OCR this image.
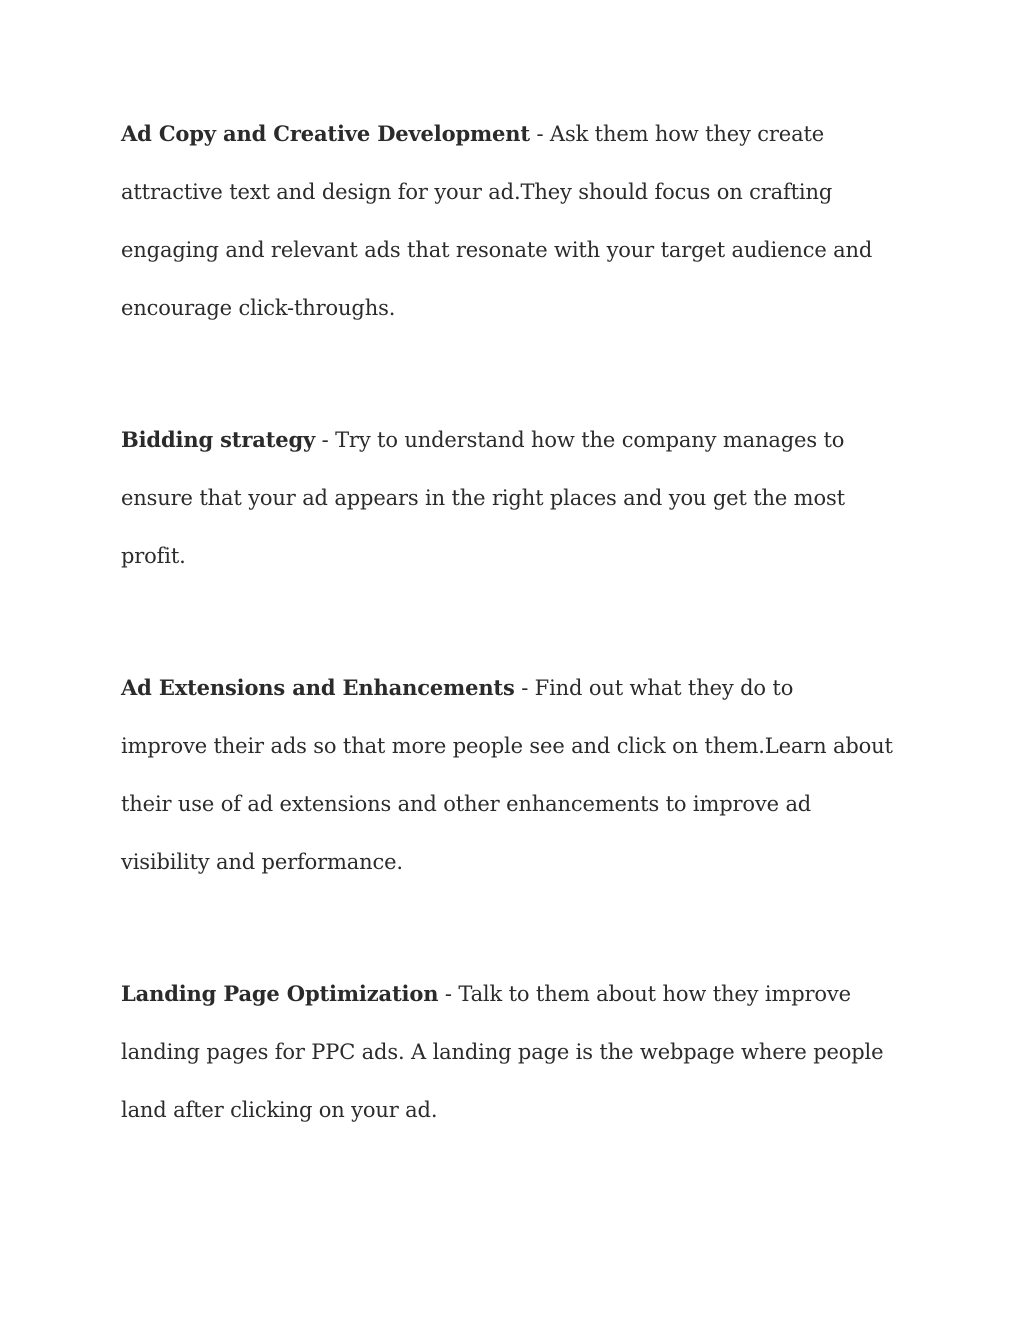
Ad Copy and Creative Development - Ask them how they create
attractive text and design for your ad.They should focus on crafting
engaging and relevant ads that resonate with your target audience and
encourage click-throughs.
Bidding strategy - Try to understand how the company manages to
ensure that your ad appears in the right places and you get the most
profit.
Ad Extensions and Enhancements - Find out what they do to
improve their ads so that more people see and click on them.Learn about
their use of ad extensions and other enhancements to improve ad
visibility and performance.
Landing Page Optimization - Talk to them about how they improve
landing pages for PPC ads. A landing page is the webpage where people
land after clicking on your ad.
